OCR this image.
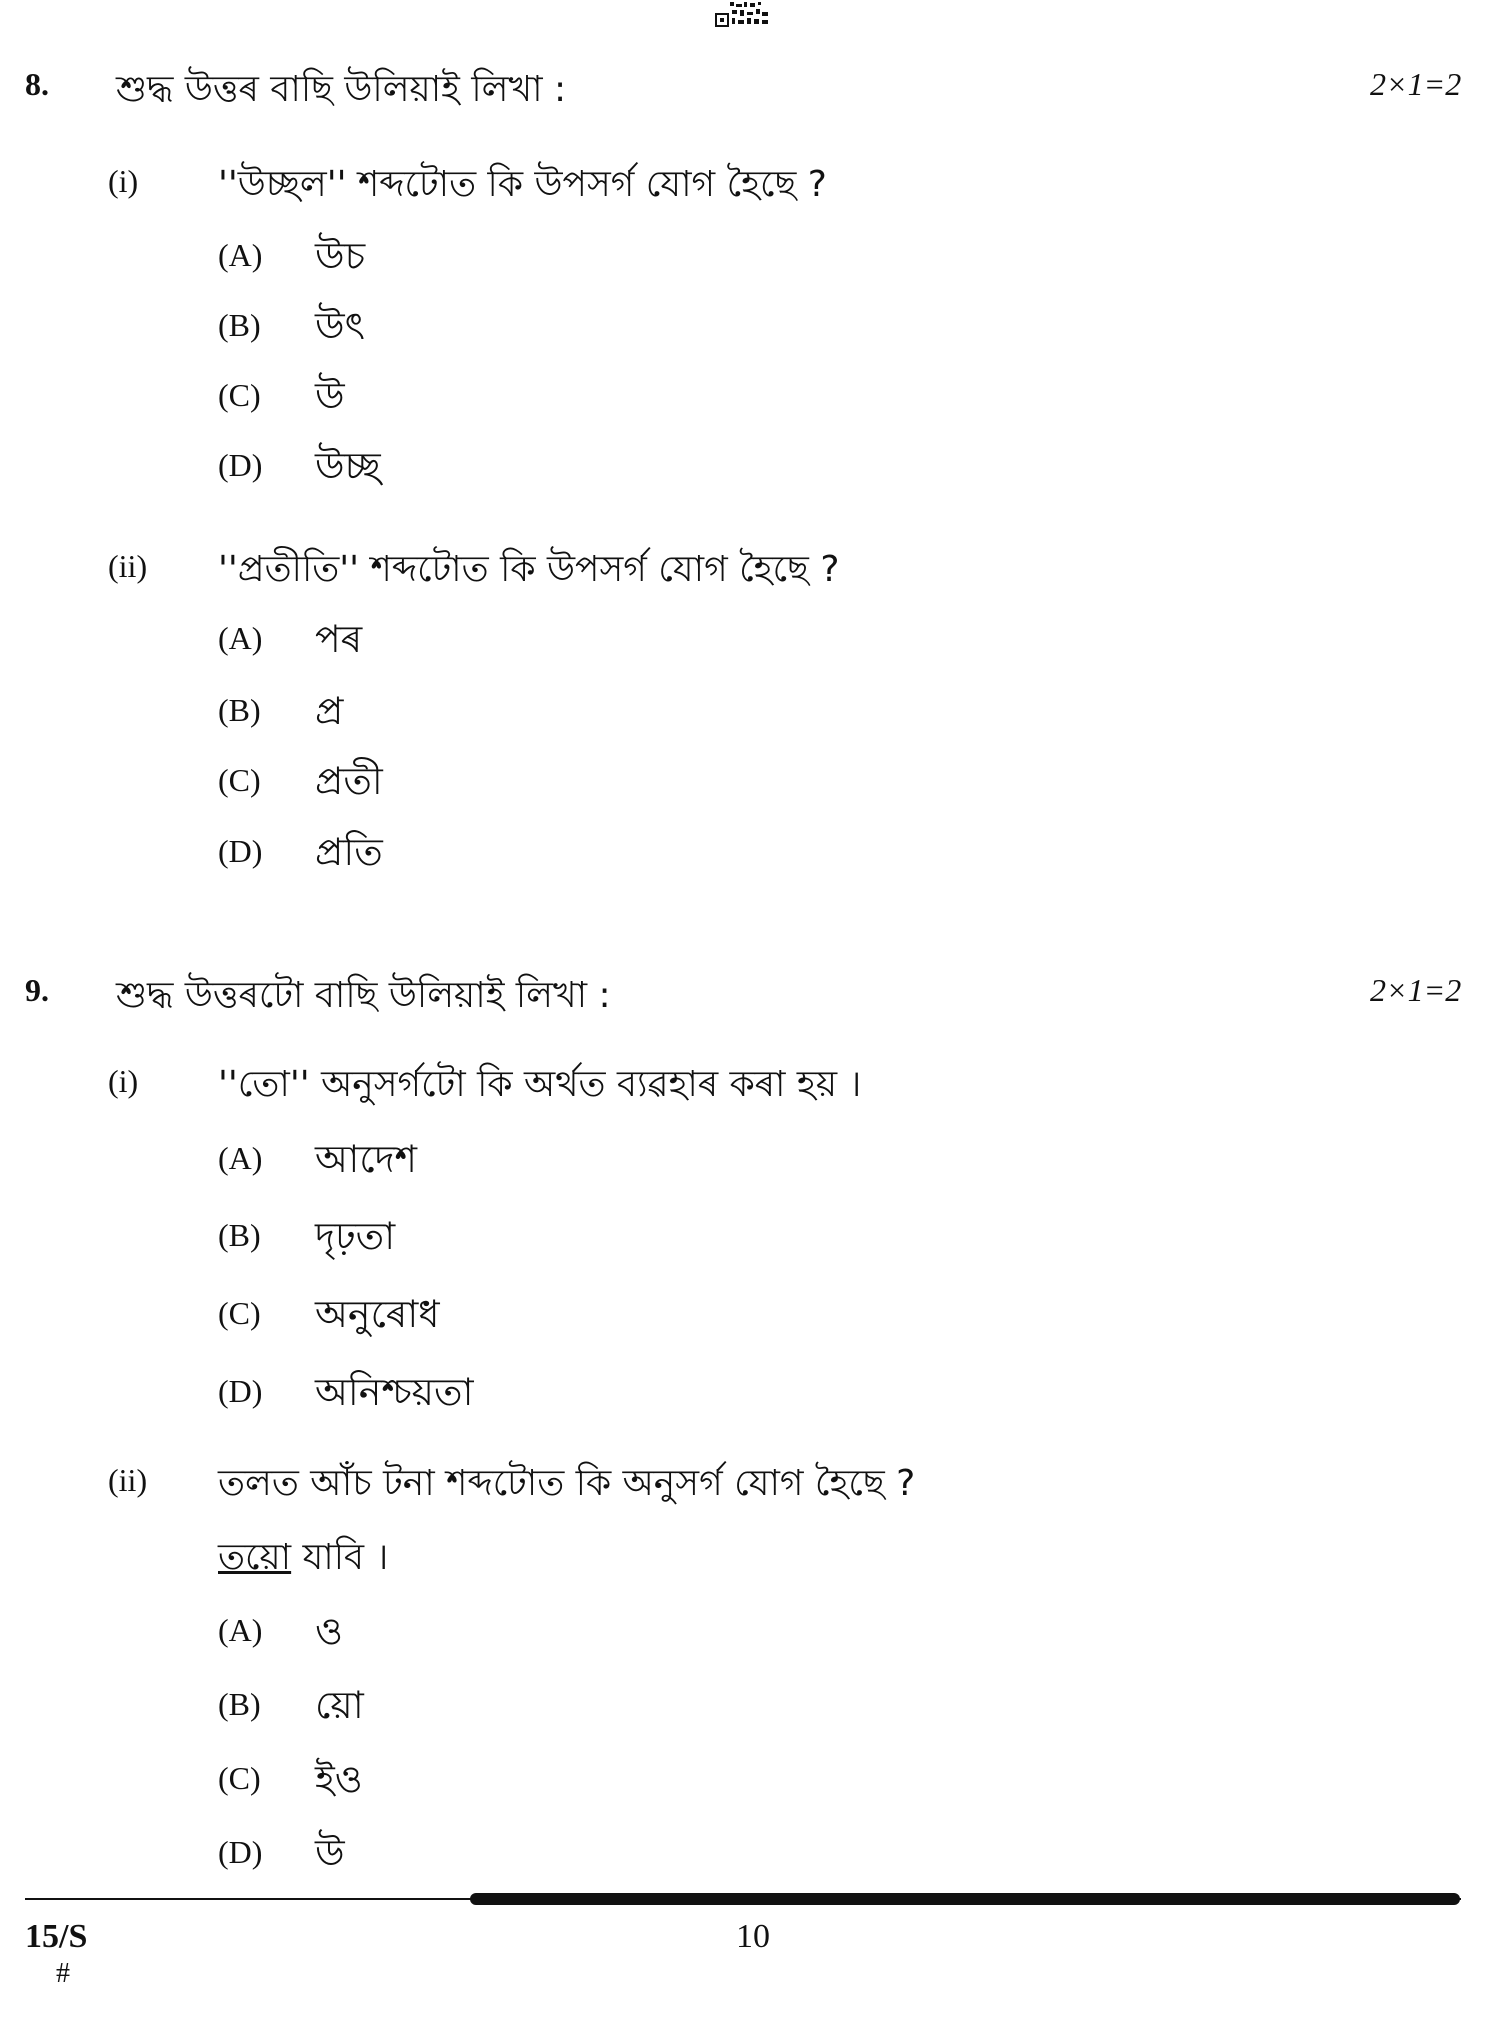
8. শুদ্ধ উত্তৰ বাছি উলিয়াই লিখা :	2×1=2
(i) ''উচ্ছল'' শব্দটোত কি উপসৰ্গ যোগ হৈছে ?
(A) উচ
(B) উৎ
(C) উ
(D) উচ্ছ
(ii) ''প্ৰতীতি'' শব্দটোত কি উপসৰ্গ যোগ হৈছে ?
(A) পৰ
(B) প্ৰ
(C) প্ৰতী
(D) প্ৰতি
9. শুদ্ধ উত্তৰটো বাছি উলিয়াই লিখা :	2×1=2
(i) ''তো'' অনুসৰ্গটো কি অৰ্থত ব্যৱহাৰ কৰা হয় ।
(A) আদেশ
(B) দৃঢ়তা
(C) অনুৰোধ
(D) অনিশ্চয়তা
(ii) তলত আঁচ টনা শব্দটোত কি অনুসৰ্গ যোগ হৈছে ?
তয়ো যাবি ।
(A) ও
(B) য়ো
(C) ইও
(D) উ
15/S	10
#
